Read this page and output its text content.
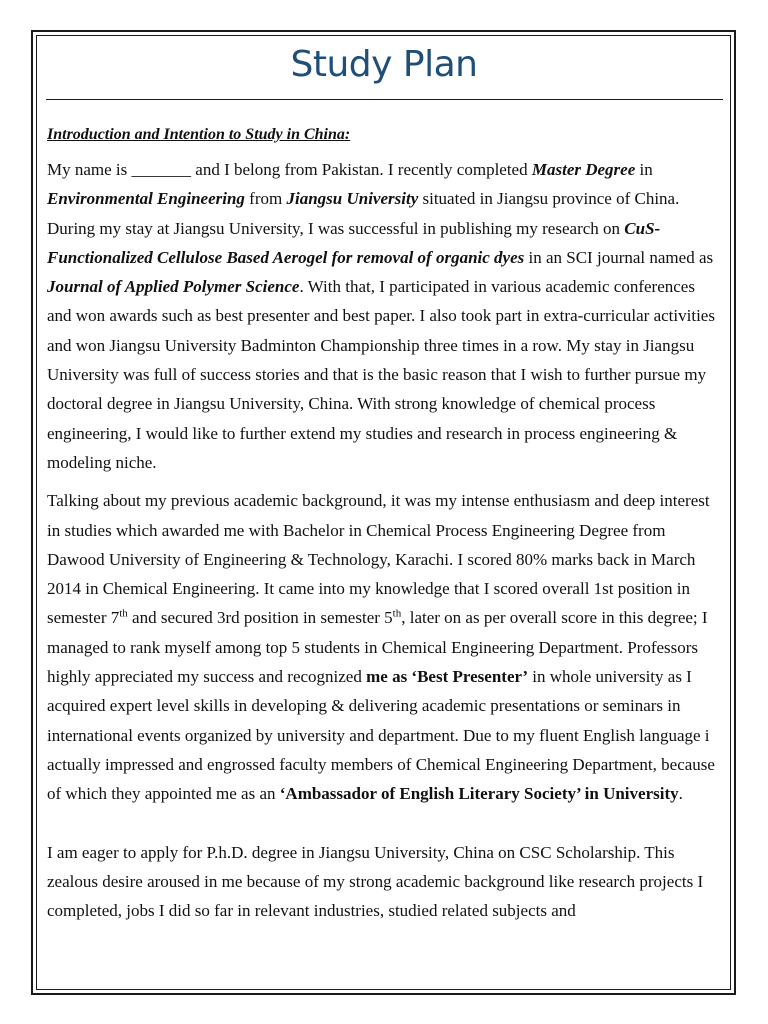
Study Plan
Introduction and Intention to Study in China:

My name is _______ and I belong from Pakistan. I recently completed Master Degree in Environmental Engineering from Jiangsu University situated in Jiangsu province of China. During my stay at Jiangsu University, I was successful in publishing my research on CuS-Functionalized Cellulose Based Aerogel for removal of organic dyes in an SCI journal named as Journal of Applied Polymer Science. With that, I participated in various academic conferences and won awards such as best presenter and best paper. I also took part in extra-curricular activities and won Jiangsu University Badminton Championship three times in a row. My stay in Jiangsu University was full of success stories and that is the basic reason that I wish to further pursue my doctoral degree in Jiangsu University, China. With strong knowledge of chemical process engineering, I would like to further extend my studies and research in process engineering & modeling niche.

Talking about my previous academic background, it was my intense enthusiasm and deep interest in studies which awarded me with Bachelor in Chemical Process Engineering Degree from Dawood University of Engineering & Technology, Karachi. I scored 80% marks back in March 2014 in Chemical Engineering. It came into my knowledge that I scored overall 1st position in semester 7th and secured 3rd position in semester 5th, later on as per overall score in this degree; I managed to rank myself among top 5 students in Chemical Engineering Department. Professors highly appreciated my success and recognized me as ‘Best Presenter’ in whole university as I acquired expert level skills in developing & delivering academic presentations or seminars in international events organized by university and department. Due to my fluent English language i actually impressed and engrossed faculty members of Chemical Engineering Department, because of which they appointed me as an ‘Ambassador of English Literary Society’ in University.

I am eager to apply for P.h.D. degree in Jiangsu University, China on CSC Scholarship. This zealous desire aroused in me because of my strong academic background like research projects I completed, jobs I did so far in relevant industries, studied related subjects and
